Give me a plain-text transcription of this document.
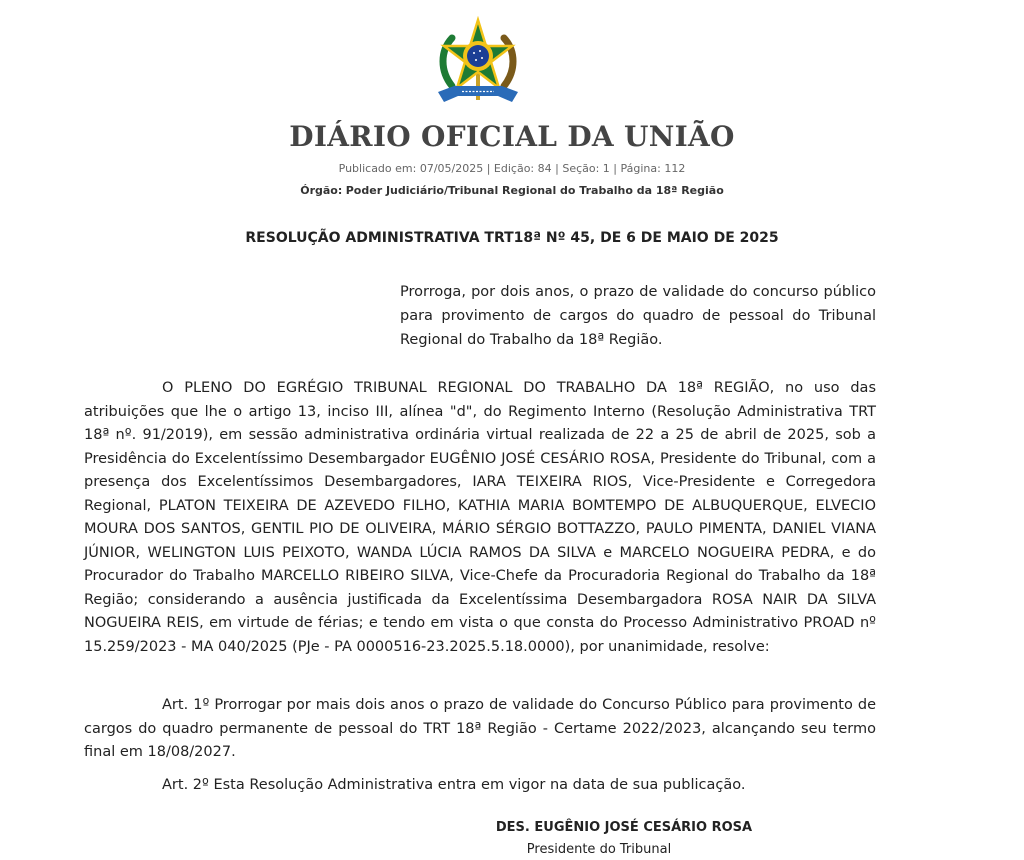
DIÁRIO OFICIAL DA UNIÃO
Publicado em: 07/05/2025 | Edição: 84 | Seção: 1 | Página: 112
Órgão: Poder Judiciário/Tribunal Regional do Trabalho da 18ª Região
RESOLUÇÃO ADMINISTRATIVA TRT18ª Nº 45, DE 6 DE MAIO DE 2025
Prorroga, por dois anos, o prazo de validade do concurso público para provimento de cargos do quadro de pessoal do Tribunal Regional do Trabalho da 18ª Região.
O PLENO DO EGRÉGIO TRIBUNAL REGIONAL DO TRABALHO DA 18ª REGIÃO, no uso das atribuições que lhe o artigo 13, inciso III, alínea "d", do Regimento Interno (Resolução Administrativa TRT 18ª nº. 91/2019), em sessão administrativa ordinária virtual realizada de 22 a 25 de abril de 2025, sob a Presidência do Excelentíssimo Desembargador EUGÊNIO JOSÉ CESÁRIO ROSA, Presidente do Tribunal, com a presença dos Excelentíssimos Desembargadores, IARA TEIXEIRA RIOS, Vice-Presidente e Corregedora Regional, PLATON TEIXEIRA DE AZEVEDO FILHO, KATHIA MARIA BOMTEMPO DE ALBUQUERQUE, ELVECIO MOURA DOS SANTOS, GENTIL PIO DE OLIVEIRA, MÁRIO SÉRGIO BOTTAZZO, PAULO PIMENTA, DANIEL VIANA JÚNIOR, WELINGTON LUIS PEIXOTO, WANDA LÚCIA RAMOS DA SILVA e MARCELO NOGUEIRA PEDRA, e do Procurador do Trabalho MARCELLO RIBEIRO SILVA, Vice-Chefe da Procuradoria Regional do Trabalho da 18ª Região; considerando a ausência justificada da Excelentíssima Desembargadora ROSA NAIR DA SILVA NOGUEIRA REIS, em virtude de férias; e tendo em vista o que consta do Processo Administrativo PROAD nº 15.259/2023 - MA 040/2025 (PJe - PA 0000516-23.2025.5.18.0000), por unanimidade, resolve:
Art. 1º Prorrogar por mais dois anos o prazo de validade do Concurso Público para provimento de cargos do quadro permanente de pessoal do TRT 18ª Região - Certame 2022/2023, alcançando seu termo final em 18/08/2027.
Art. 2º Esta Resolução Administrativa entra em vigor na data de sua publicação.
DES. EUGÊNIO JOSÉ CESÁRIO ROSA
Presidente do Tribunal
